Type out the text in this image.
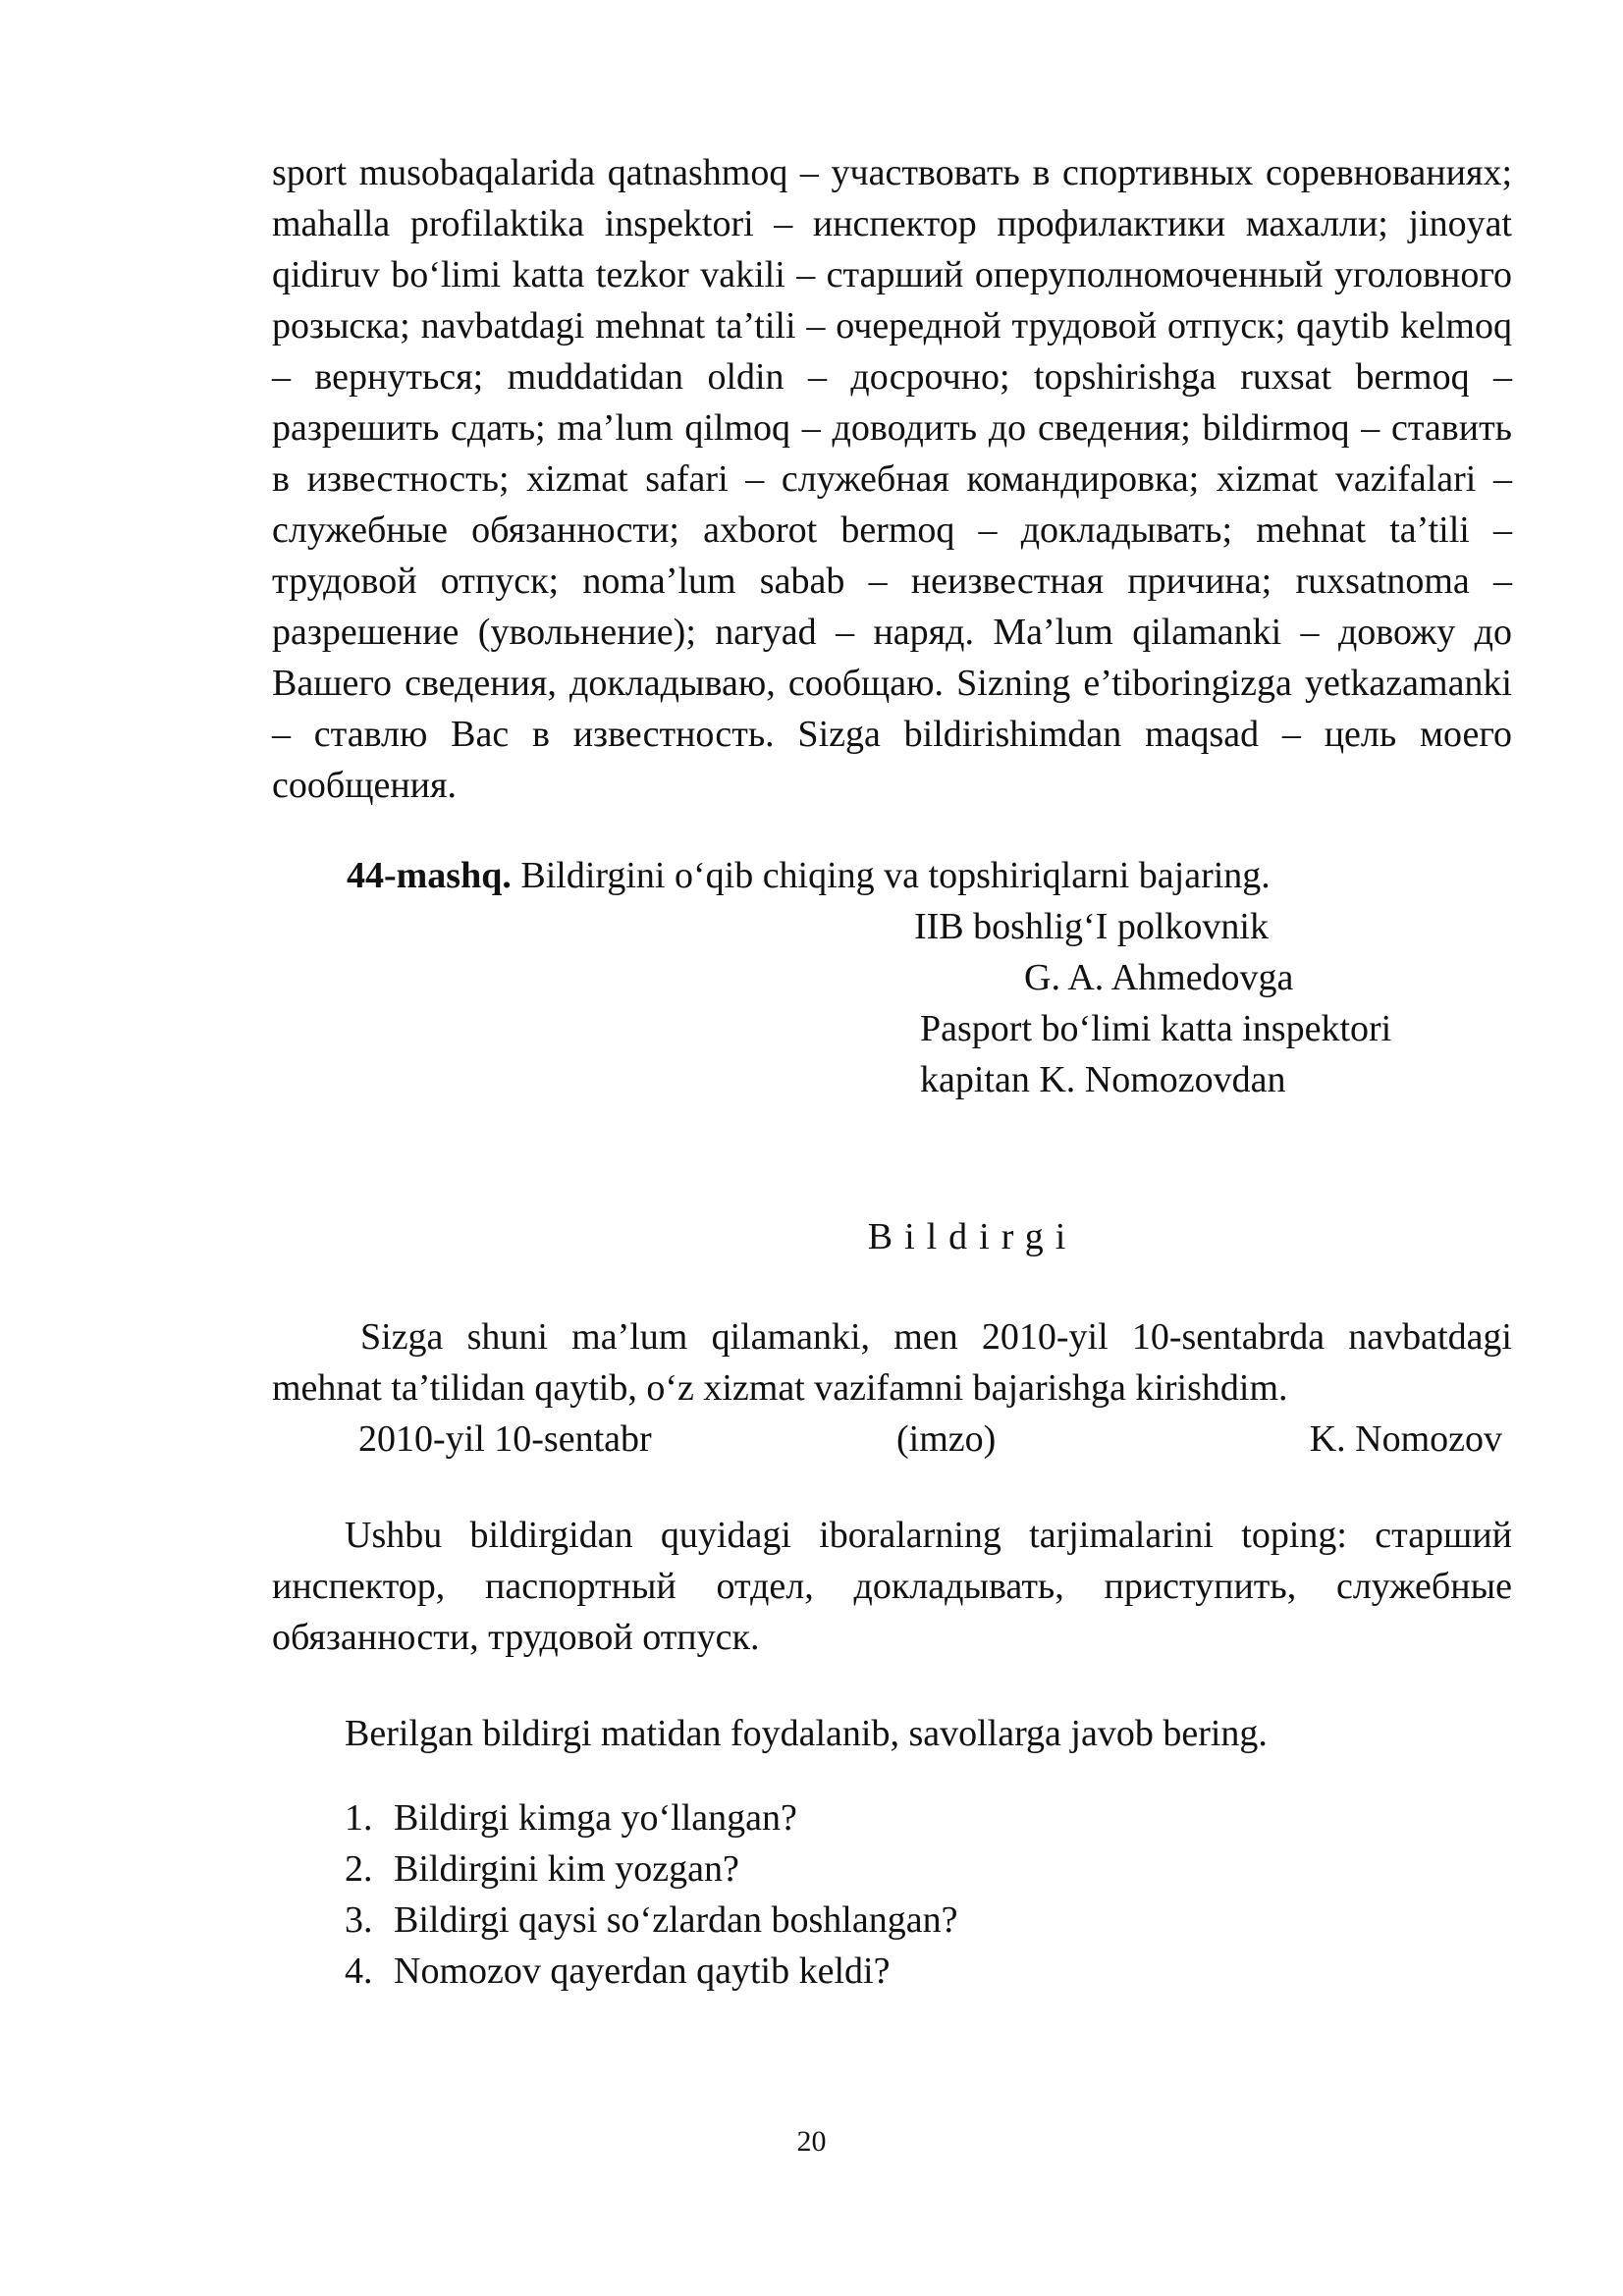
sport musobaqalarida qatnashmoq – участвовать в спортивных соревнованиях; mahalla profilaktika inspektori – инспектор профилактики махалли; jinoyat qidiruv bo‘limi katta tezkor vakili – старший оперуполномоченный уголовного розыска; navbatdagi mehnat ta’tili – очередной трудовой отпуск; qaytib kelmoq – вернуться; muddatidan oldin – досрочно; topshirishga ruxsat bermoq – разрешить сдать; ma’lum qilmoq – доводить до сведения; bildirmoq – ставить в известность; xizmat safari – служебная командировка; xizmat vazifalari – служебные обязанности; axborot bermoq – докладывать; mehnat ta’tili – трудовой отпуск; noma’lum sabab – неизвестная причина; ruxsatnoma – разрешение (увольнение); naryad – наряд. Ma’lum qilamanki – довожу до Вашего сведения, докладываю, сообщаю. Sizning e’tiboringizga yetkazamanki – ставлю Вас в известность. Sizga bildirishimdan maqsad – цель моего сообщения.

44-mashq. Bildirgini o‘qib chiqing va topshiriqlarni bajaring.
IIB boshlig‘I polkovnik
G. A. Ahmedovga
Pasport bo‘limi katta inspektori
kapitan K. Nomozovdan
Bildirgi

Sizga shuni ma’lum qilamanki, men 2010-yil 10-sentabrda navbatdagi mehnat ta’tilidan qaytib, o‘z xizmat vazifamni bajarishga kirishdim.

2010-yil 10-sentabr	(imzo)	K. Nomozov

Ushbu bildirgidan quyidagi iboralarning tarjimalarini toping: старший инспектор, паспортный отдел, докладывать, приступить, служебные обязанности, трудовой отпуск.

Berilgan bildirgi matidan foydalanib, savollarga javob bering.
1. Bildirgi kimga yo‘llangan?
2. Bildirgini kim yozgan?
3. Bildirgi qaysi so‘zlardan boshlangan?
4. Nomozov qayerdan qaytib keldi?
20
